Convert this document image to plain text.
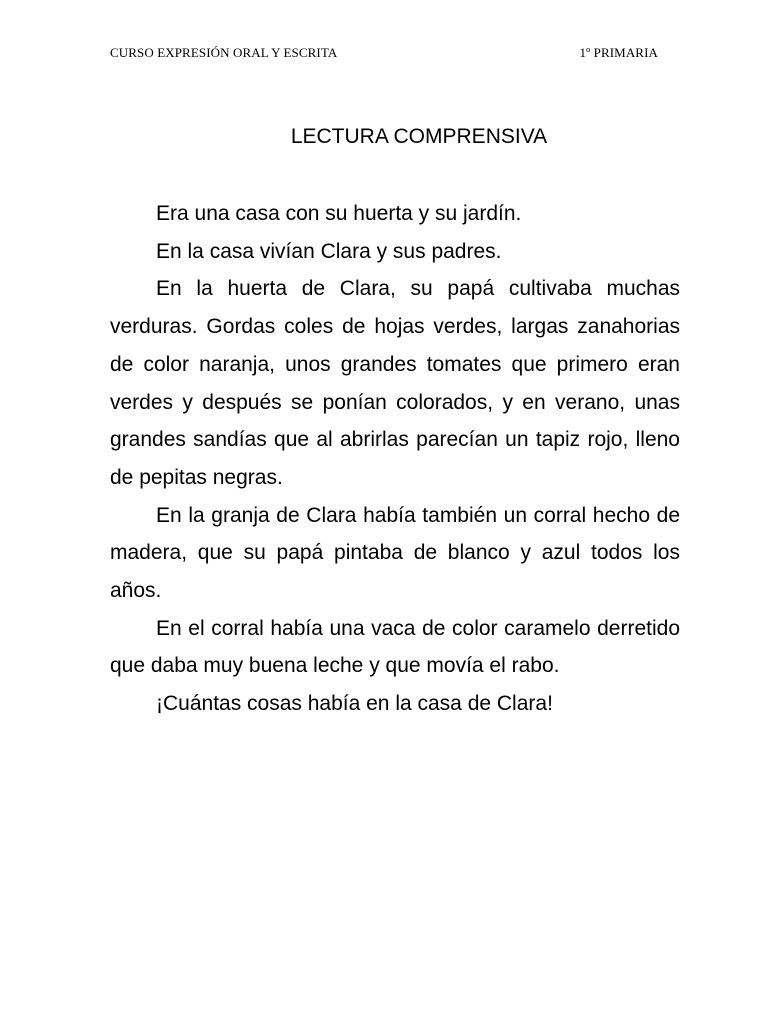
CURSO EXPRESIÓN ORAL Y ESCRITA	1º PRIMARIA
LECTURA COMPRENSIVA

Era una casa con su huerta y su jardín.

En la casa vivían Clara y sus padres.

En la huerta de Clara, su papá cultivaba muchas verduras. Gordas coles de hojas verdes, largas zanahorias de color naranja, unos grandes tomates que primero eran verdes y después se ponían colorados, y en verano, unas grandes sandías que al abrirlas parecían un tapiz rojo, lleno de pepitas negras.

En la granja de Clara había también un corral hecho de madera, que su papá pintaba de blanco y azul todos los años.

En el corral había una vaca de color caramelo derretido que daba muy buena leche y que movía el rabo.

¡Cuántas cosas había en la casa de Clara!
